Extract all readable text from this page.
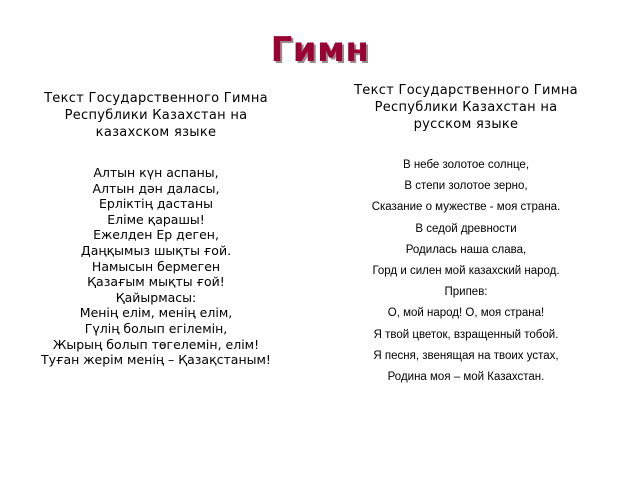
Гимн
Текст Государственного Гимна
Республики Казахстан на
казахском языке
Алтын күн аспаны,
Алтын дән даласы,
Ерліктің дастаны
Еліме қарашы!
Ежелден Ер деген,
Даңқымыз шықты ғой.
Намысын бермеген
Қазағым мықты ғой!
Қайырмасы:
Менің елім, менің елім,
Гүлің болып егілемін,
Жырың болып төгелемін, елім!
Туған жерім менің – Қазақстаным!
Текст Государственного Гимна
Республики Казахстан на
русском языке
В небе золотое солнце,
В степи золотое зерно,
Сказание о мужестве - моя страна.
В седой древности
Родилась наша слава,
Горд и силен мой казахский народ.
Припев:
О, мой народ! О, моя страна!
Я твой цветок, взращенный тобой.
Я песня, звенящая на твоих устах,
Родина моя – мой Казахстан.
